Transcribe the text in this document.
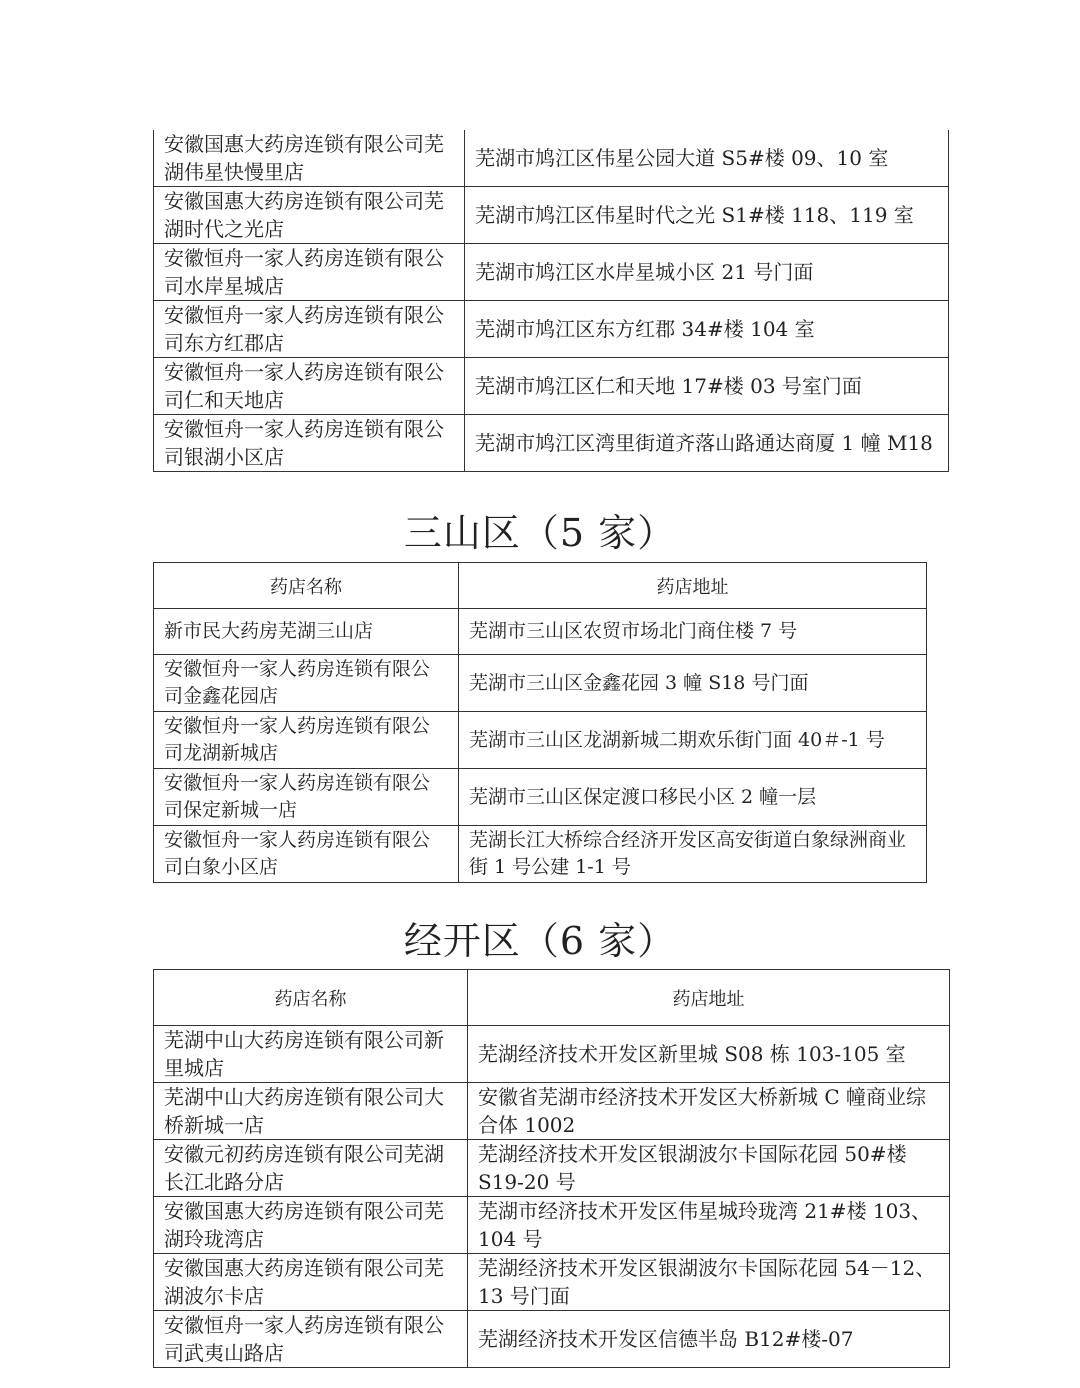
安徽国惠大药房连锁有限公司芜湖伟星快慢里店	芜湖市鸠江区伟星公园大道 S5#楼 09、10 室
安徽国惠大药房连锁有限公司芜湖时代之光店	芜湖市鸠江区伟星时代之光 S1#楼 118、119 室
安徽恒舟一家人药房连锁有限公司水岸星城店	芜湖市鸠江区水岸星城小区 21 号门面
安徽恒舟一家人药房连锁有限公司东方红郡店	芜湖市鸠江区东方红郡 34#楼 104 室
安徽恒舟一家人药房连锁有限公司仁和天地店	芜湖市鸠江区仁和天地 17#楼 03 号室门面
安徽恒舟一家人药房连锁有限公司银湖小区店	芜湖市鸠江区湾里街道齐落山路通达商厦 1 幢 M18
三山区（5 家）
药店名称	药店地址
新市民大药房芜湖三山店	芜湖市三山区农贸市场北门商住楼 7 号
安徽恒舟一家人药房连锁有限公司金鑫花园店	芜湖市三山区金鑫花园 3 幢 S18 号门面
安徽恒舟一家人药房连锁有限公司龙湖新城店	芜湖市三山区龙湖新城二期欢乐街门面 40＃-1 号
安徽恒舟一家人药房连锁有限公司保定新城一店	芜湖市三山区保定渡口移民小区 2 幢一层
安徽恒舟一家人药房连锁有限公司白象小区店	芜湖长江大桥综合经济开发区高安街道白象绿洲商业街 1 号公建 1-1 号
经开区（6 家）
药店名称	药店地址
芜湖中山大药房连锁有限公司新里城店	芜湖经济技术开发区新里城 S08 栋 103-105 室
芜湖中山大药房连锁有限公司大桥新城一店	安徽省芜湖市经济技术开发区大桥新城 C 幢商业综合体 1002
安徽元初药房连锁有限公司芜湖长江北路分店	芜湖经济技术开发区银湖波尔卡国际花园 50#楼 S19-20 号
安徽国惠大药房连锁有限公司芜湖玲珑湾店	芜湖市经济技术开发区伟星城玲珑湾 21#楼 103、104 号
安徽国惠大药房连锁有限公司芜湖波尔卡店	芜湖经济技术开发区银湖波尔卡国际花园 54－12、13 号门面
安徽恒舟一家人药房连锁有限公司武夷山路店	芜湖经济技术开发区信德半岛 B12#楼-07
